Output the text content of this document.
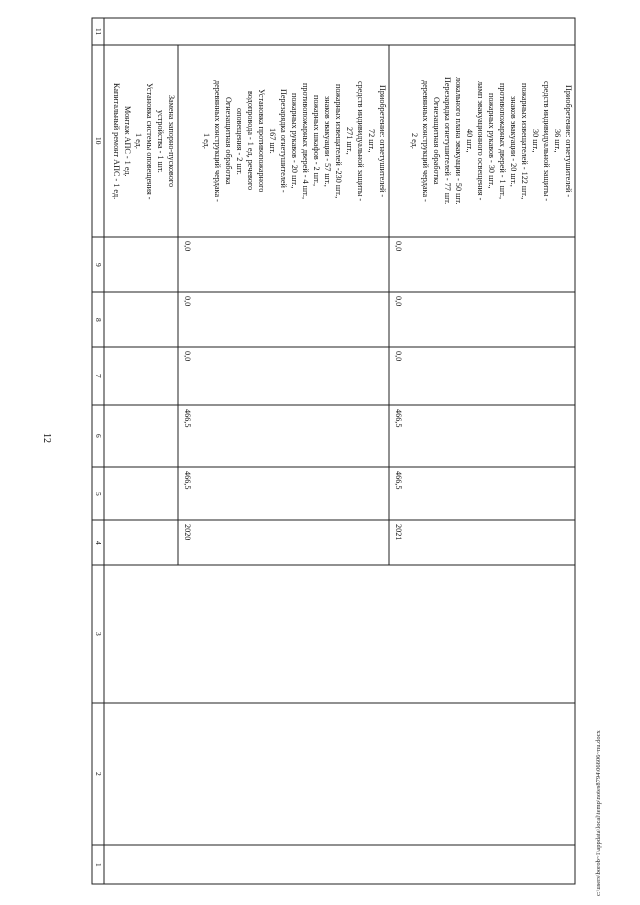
12
11
10
9
8
7
6
5
4
3
2
1
Замена запорно-пускового
устройства - 1 шт.
Установка системы оповещения -
1 ед.
Монтаж АПС - 1 ед.
Капитальный ремонт АПС - 1 ед.
2020
466,5
466,5
0,0
0,0
0,0
Приобретение: огнетушителей -
72 шт.,
средств индивидуальной защиты -
271 шт.,
пожарных извещателей -230 шт.,
знаков эвакуации - 57 шт.,
пожарных шкафов - 2 шт.,
противопожарных дверей - 4 шт.,
пожарных рукавов - 20 шт.,
Перезарядка огнетушителей -
167 шт.
Установка противопожарного
водопровода - 1 ед, речевого
оповещения - 2 шт.
Огнезащитная обработка
деревянных конструкций чердака -
1 ед.
2021
466,5
466,5
0,0
0,0
0,0
Приобретение: огнетушителей -
36 шт.,
средств индивидуальной защиты -
30 шт.,
пожарных извещателей - 122 шт.,
знаков эвакуации - 20 шт.,
противопожарных дверей - 1 шт.,
пожарных рукавов - 30 шт.,
ламп эвакуационного освещения -
40 шт.,
локального плана эвакуации - 50 шт.
Перезарядка огнетушителей - 77 шт.
Огнезащитная обработка
деревянных конструкций чердака -
2 ед.
c:\users\borob~1\appdata\local\temp\notes8794\06606~nu.docx
